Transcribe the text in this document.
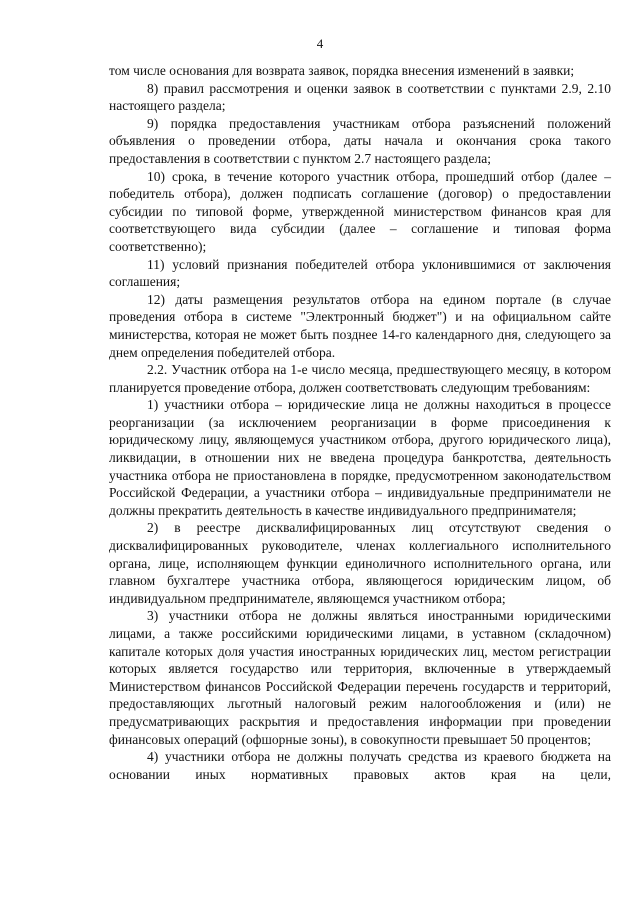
4

том числе основания для возврата заявок, порядка внесения изменений в заявки;

8) правил рассмотрения и оценки заявок в соответствии с пунктами 2.9, 2.10 настоящего раздела;

9) порядка предоставления участникам отбора разъяснений положений объявления о проведении отбора, даты начала и окончания срока такого предоставления в соответствии с пунктом 2.7 настоящего раздела;

10) срока, в течение которого участник отбора, прошедший отбор (далее – победитель отбора), должен подписать соглашение (договор) о предоставлении субсидии по типовой форме, утвержденной министерством финансов края для соответствующего вида субсидии (далее – соглашение и типовая форма соответственно);

11) условий признания победителей отбора уклонившимися от заключения соглашения;

12) даты размещения результатов отбора на едином портале (в случае проведения отбора в системе "Электронный бюджет") и на официальном сайте министерства, которая не может быть позднее 14-го календарного дня, следующего за днем определения победителей отбора.

2.2. Участник отбора на 1-е число месяца, предшествующего месяцу, в котором планируется проведение отбора, должен соответствовать следующим требованиям:

1) участники отбора – юридические лица не должны находиться в процессе реорганизации (за исключением реорганизации в форме присоединения к юридическому лицу, являющемуся участником отбора, другого юридического лица), ликвидации, в отношении них не введена процедура банкротства, деятельность участника отбора не приостановлена в порядке, предусмотренном законодательством Российской Федерации, а участники отбора – индивидуальные предприниматели не должны прекратить деятельность в качестве индивидуального предпринимателя;

2) в реестре дисквалифицированных лиц отсутствуют сведения о дисквалифицированных руководителе, членах коллегиального исполнительного органа, лице, исполняющем функции единоличного исполнительного органа, или главном бухгалтере участника отбора, являющегося юридическим лицом, об индивидуальном предпринимателе, являющемся участником отбора;

3) участники отбора не должны являться иностранными юридическими лицами, а также российскими юридическими лицами, в уставном (складочном) капитале которых доля участия иностранных юридических лиц, местом регистрации которых является государство или территория, включенные в утверждаемый Министерством финансов Российской Федерации перечень государств и территорий, предоставляющих льготный налоговый режим налогообложения и (или) не предусматривающих раскрытия и предоставления информации при проведении финансовых операций (офшорные зоны), в совокупности превышает 50 процентов;

4) участники отбора не должны получать средства из краевого бюджета на основании иных нормативных правовых актов края на цели,
